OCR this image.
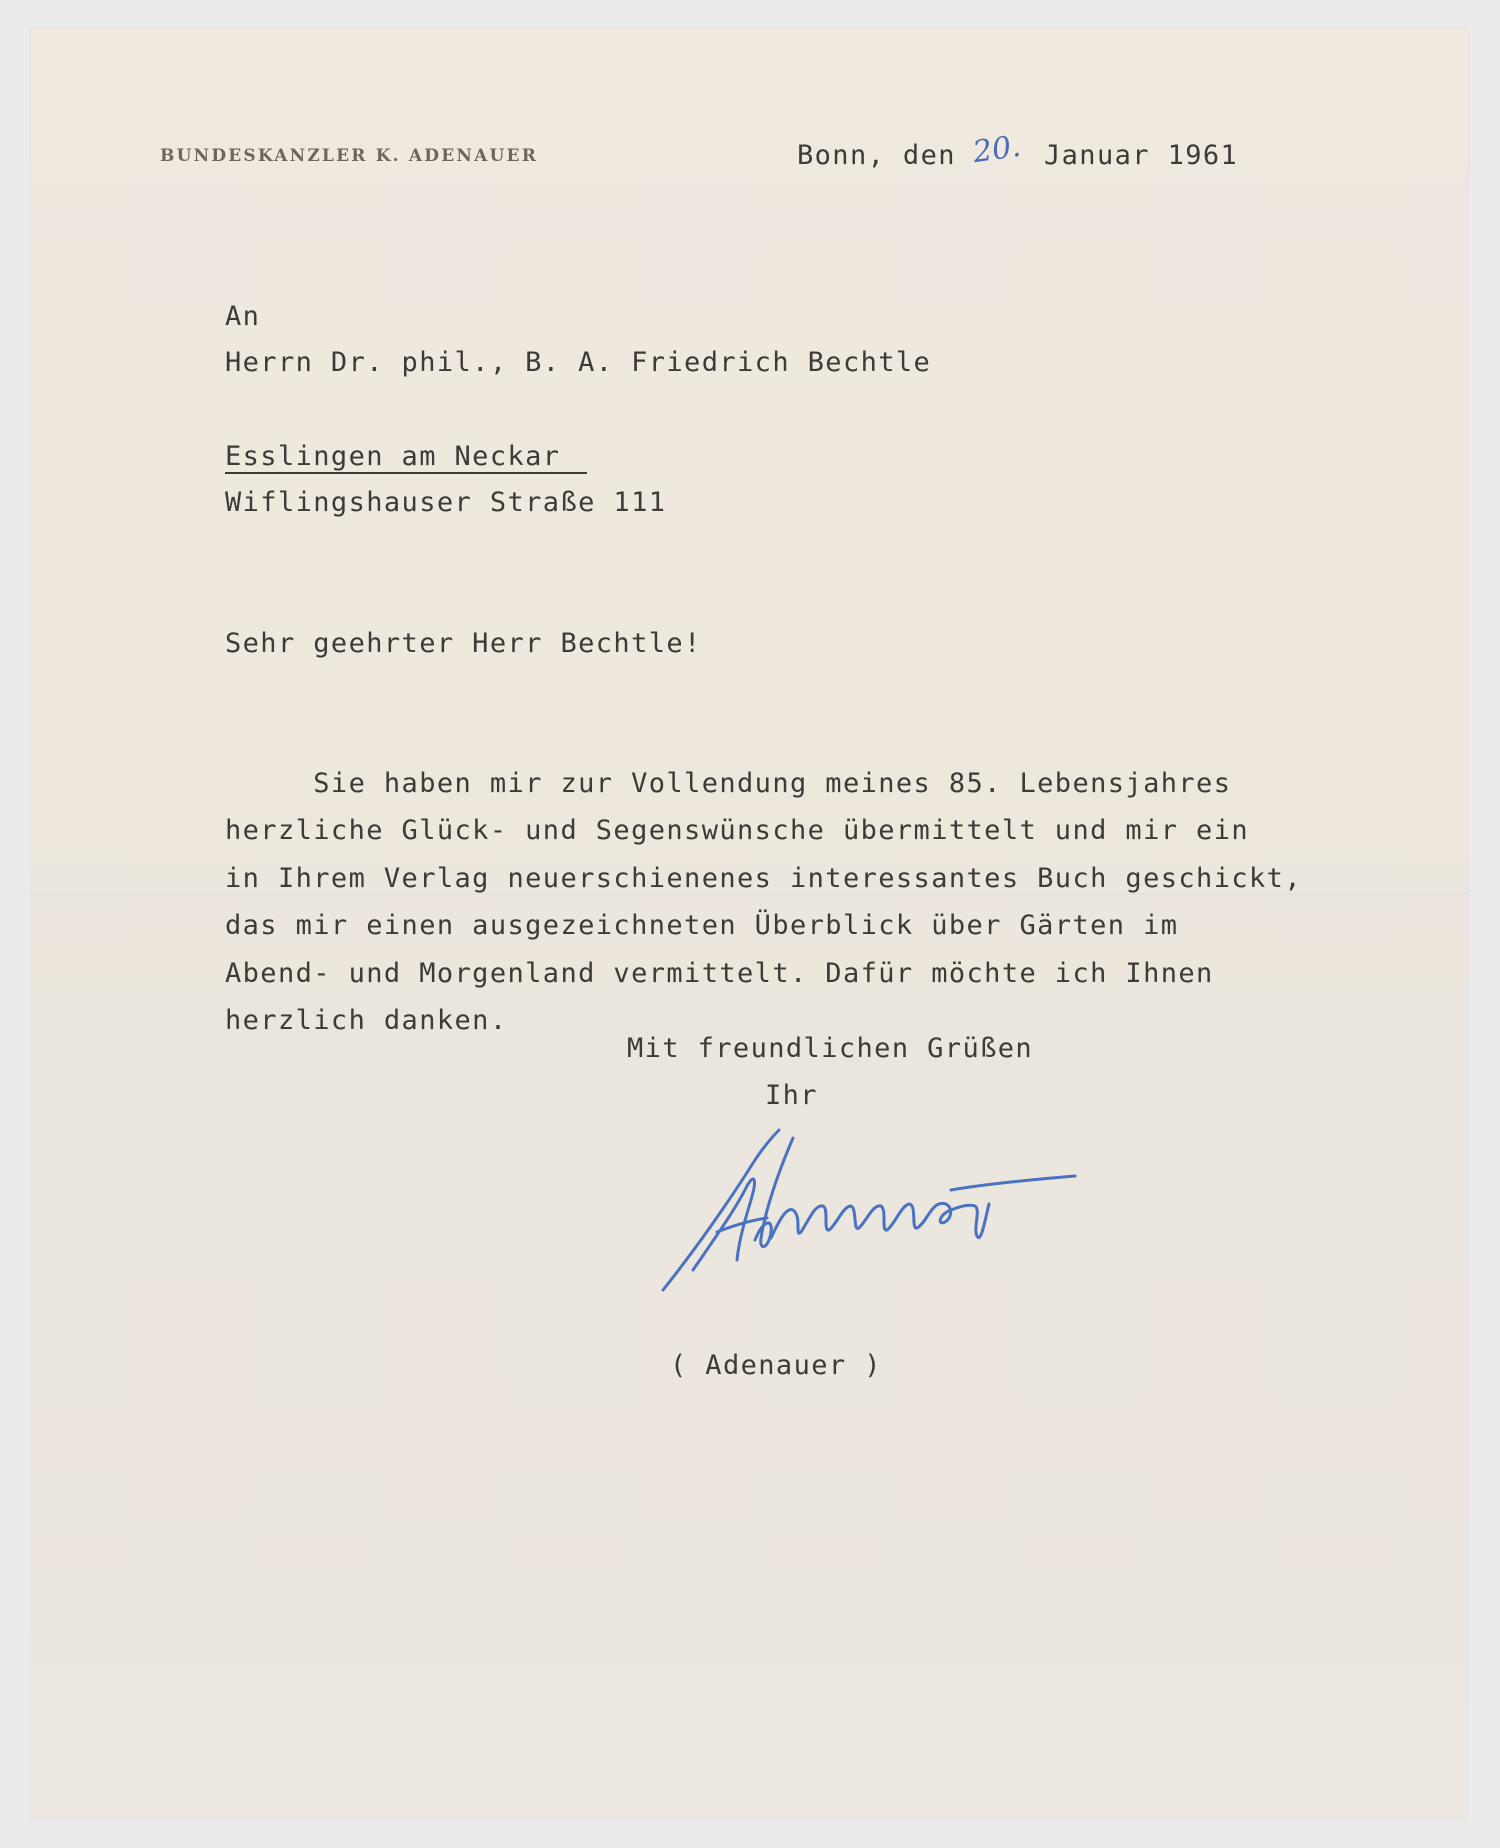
BUNDESKANZLER K. ADENAUER	Bonn, den 20. Januar 1961
An
Herrn Dr. phil., B. A. Friedrich Bechtle
Esslingen am Neckar
Wiflingshauser Straße 111
Sehr geehrter Herr Bechtle!

Sie haben mir zur Vollendung meines 85. Lebensjahres
herzliche Glück- und Segenswünsche übermittelt und mir ein
in Ihrem Verlag neuerschienenes interessantes Buch geschickt,
das mir einen ausgezeichneten Überblick über Gärten im
Abend- und Morgenland vermittelt. Dafür möchte ich Ihnen
herzlich danken.

Mit freundlichen Grüßen
Ihr
( Adenauer )
